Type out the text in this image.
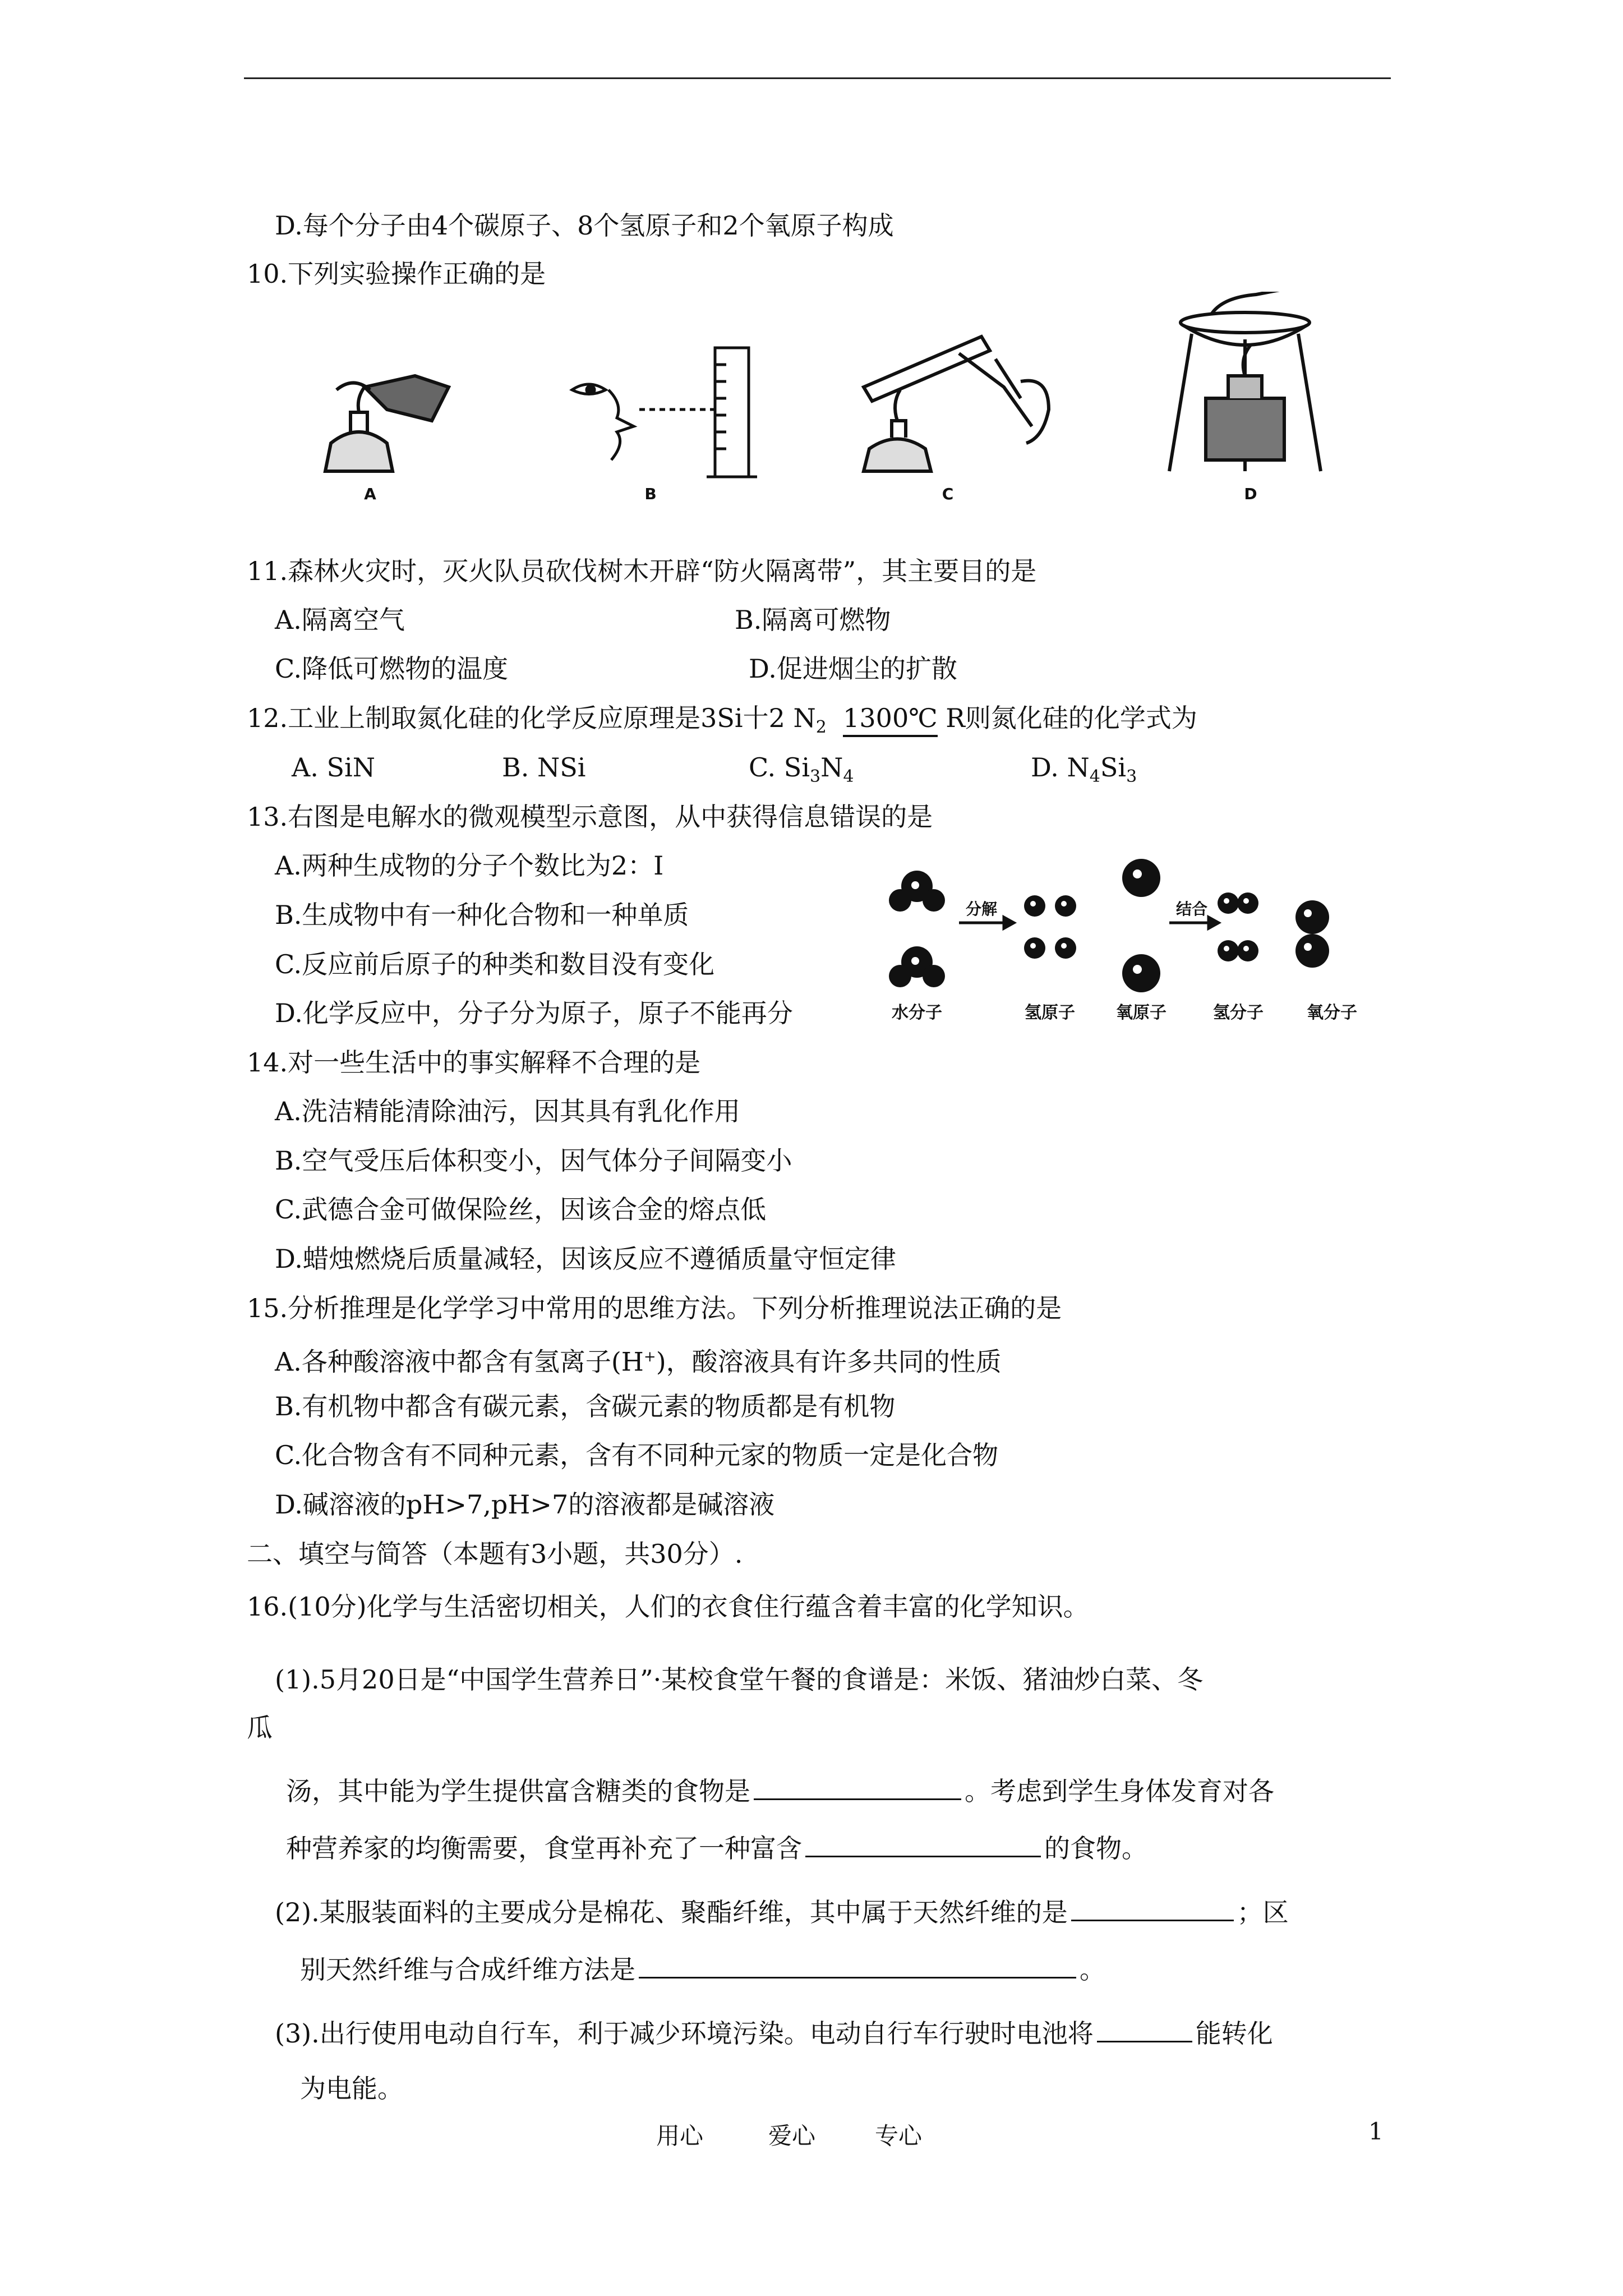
D.每个分子由4个碳原子、8个氢原子和2个氧原子构成
10.下列实验操作正确的是
A	B	C	D
11.森林火灾时，灭火队员砍伐树木开辟“防火隔离带”，其主要目的是
A.隔离空气	B.隔离可燃物
C.降低可燃物的温度	D.促进烟尘的扩散
12.工业上制取氮化硅的化学反应原理是3Si十2 $N_2$ 1300℃ R则氮化硅的化学式为
A. SiN	B. NSi	C. $Si_3N_4$	D. $N_4Si_3$
13.右图是电解水的微观模型示意图，从中获得信息错误的是
A.两种生成物的分子个数比为2：I
B.生成物中有一种化合物和一种单质
C.反应前后原子的种类和数目没有变化
D.化学反应中，分子分为原子，原子不能再分
分解	结合
水分子	氢原子 氧原子	氢分子	氧分子
14.对一些生活中的事实解释不合理的是
A.洗洁精能清除油污，因其具有乳化作用
B.空气受压后体积变小，因气体分子间隔变小
C.武德合金可做保险丝，因该合金的熔点低
D.蜡烛燃烧后质量减轻，因该反应不遵循质量守恒定律
15.分析推理是化学学习中常用的思维方法。下列分析推理说法正确的是
A.各种酸溶液中都含有氢离子(H+)，酸溶液具有许多共同的性质
B.有机物中都含有碳元素，含碳元素的物质都是有机物
C.化合物含有不同种元素，含有不同种元家的物质一定是化合物
D.碱溶液的pH>7,pH>7的溶液都是碱溶液
二、填空与简答（本题有3小题，共30分）.
16.(10分)化学与生活密切相关，人们的衣食住行蕴含着丰富的化学知识。
(1).5月20日是“中国学生营养日”·某校食堂午餐的食谱是：米饭、猪油炒白菜、冬
瓜
汤，其中能为学生提供富含糖类的食物是	。考虑到学生身体发育对各
种营养家的均衡需要，食堂再补充了一种富含	的食物。
(2).某服装面料的主要成分是棉花、聚酯纤维，其中属于天然纤维的是	；区
别天然纤维与合成纤维方法是	。
(3).出行使用电动自行车，利于减少环境污染。电动自行车行驶时电池将	能转化
为电能。
用心	爱心	专心	1
